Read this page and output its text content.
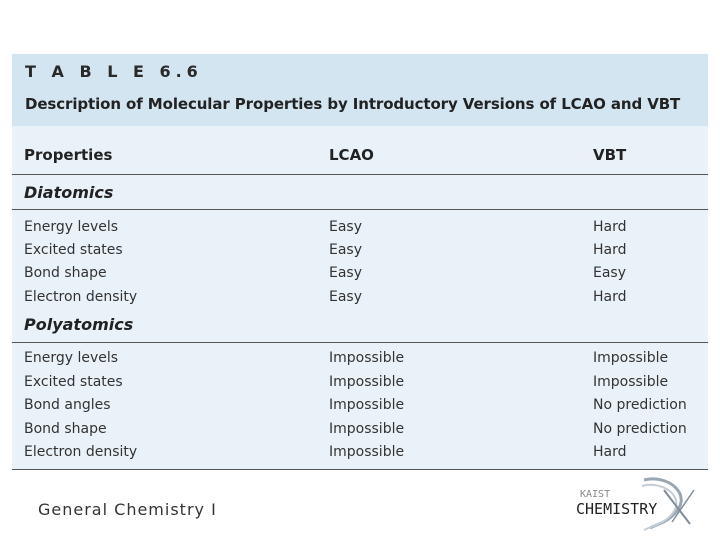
T A B L E 6.6
Description of Molecular Properties by Introductory Versions of LCAO and VBT
Properties	LCAO	VBT
Diatomics
Energy levels	Easy	Hard
Excited states	Easy	Hard
Bond shape	Easy	Easy
Electron density	Easy	Hard
Polyatomics
Energy levels	Impossible	Impossible
Excited states	Impossible	Impossible
Bond angles	Impossible	No prediction
Bond shape	Impossible	No prediction
Electron density	Impossible	Hard
General Chemistry I
KAIST
CHEMISTRY
